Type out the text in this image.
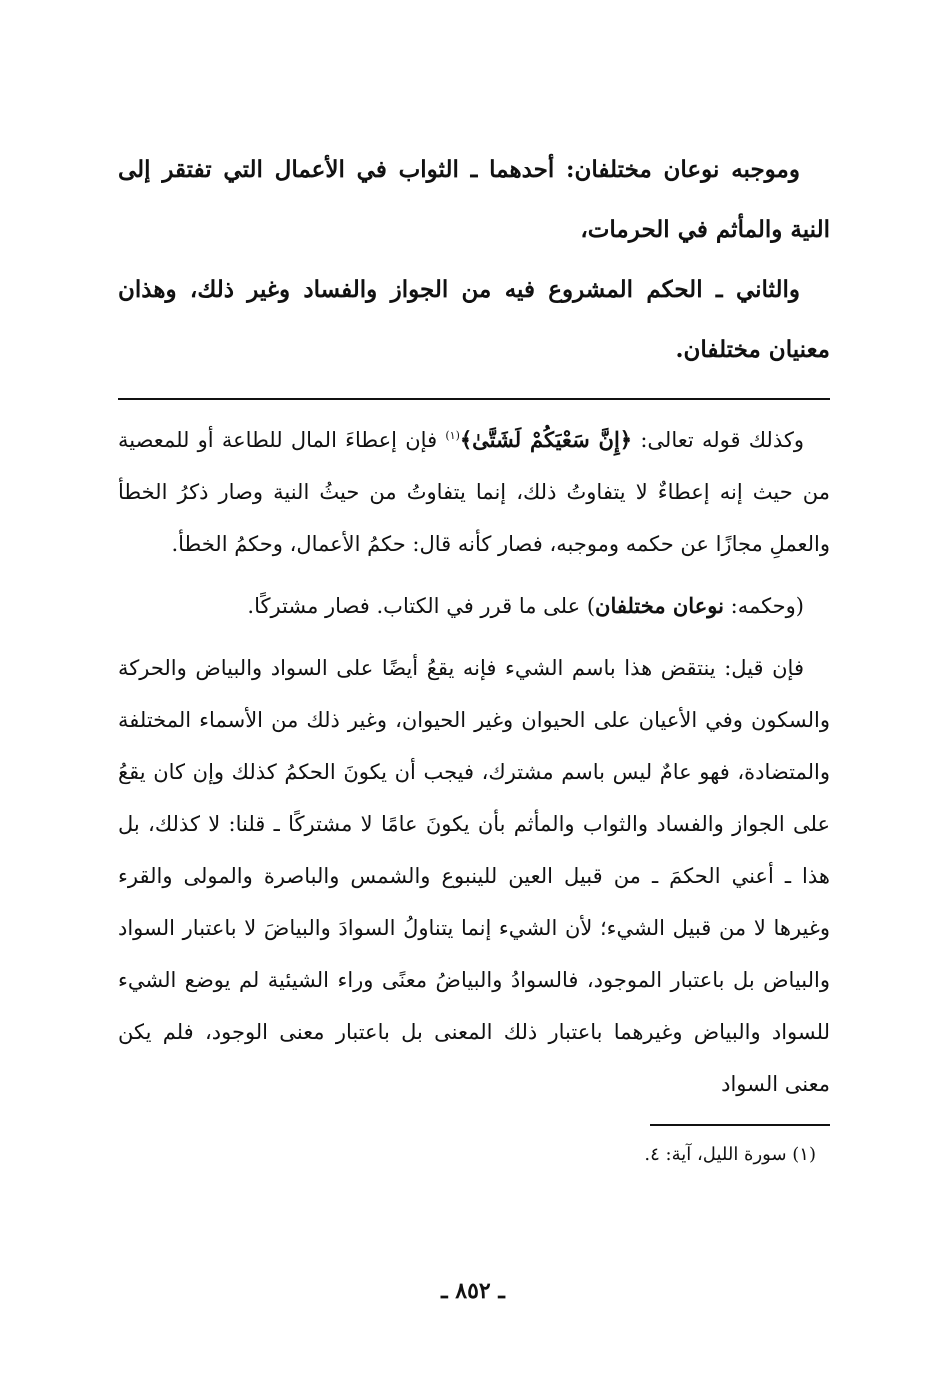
وموجبه نوعان مختلفان: أحدهما ـ الثواب في الأعمال التي تفتقر إلى النية والمأثم في الحرمات،

والثاني ـ الحكم المشروع فيه من الجواز والفساد وغير ذلك، وهذان معنيان مختلفان.

وكذلك قوله تعالى: ﴿إِنَّ سَعْيَكُمْ لَشَتَّىٰ﴾$^{(١)}$ فإن إعطاءَ المال للطاعة أو للمعصية من حيث إنه إعطاءٌ لا يتفاوتُ ذلك، إنما يتفاوتُ من حيثُ النية وصار ذكرُ الخطأ والعملِ مجازًا عن حكمه وموجبه، فصار كأنه قال: حكمُ الأعمال، وحكمُ الخطأ.

(وحكمه: نوعان مختلفان) على ما قرر في الكتاب. فصار مشتركًا.

فإن قيل: ينتقض هذا باسم الشيء فإنه يقعُ أيضًا على السواد والبياض والحركة والسكون وفي الأعيان على الحيوان وغير الحيوان، وغير ذلك من الأسماء المختلفة والمتضادة، فهو عامٌ ليس باسم مشترك، فيجب أن يكونَ الحكمُ كذلك وإن كان يقعُ على الجواز والفساد والثواب والمأثم بأن يكونَ عامًا لا مشتركًا ـ قلنا: لا كذلك، بل هذا ـ أعني الحكمَ ـ من قبيل العين للينبوع والشمس والباصرة والمولى والقرء وغيرها لا من قبيل الشيء؛ لأن الشيء إنما يتناولُ السوادَ والبياضَ لا باعتبار السواد والبياض بل باعتبار الموجود، فالسوادُ والبياضُ معنًى وراء الشيئية لم يوضع الشيء للسواد والبياض وغيرهما باعتبار ذلك المعنى بل باعتبار معنى الوجود، فلم يكن معنى السواد

(١) سورة الليل، آية: ٤.
ـ ٨٥٢ ـ
